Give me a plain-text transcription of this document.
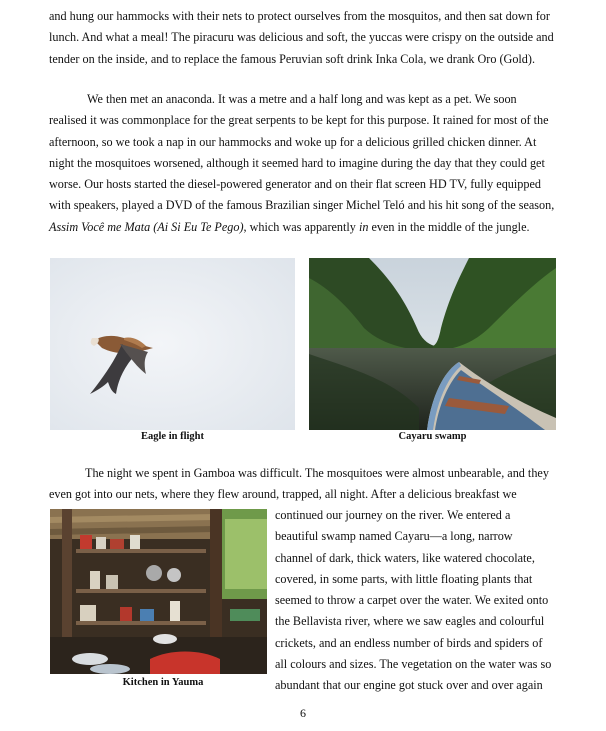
and hung our hammocks with their nets to protect ourselves from the mosquitos, and then sat down for
lunch. And what a meal! The piracuru was delicious and soft, the yuccas were crispy on the outside and
tender on the inside, and to replace the famous Peruvian soft drink Inka Cola, we drank Oro (Gold).
We then met an anaconda. It was a metre and a half long and was kept as a pet. We soon
realised it was commonplace for the great serpents to be kept for this purpose. It rained for most of the
afternoon, so we took a nap in our hammocks and woke up for a delicious grilled chicken dinner. At
night the mosquitoes worsened, although it seemed hard to imagine during the day that they could get
worse. Our hosts started the diesel-powered generator and on their flat screen HD TV, fully equipped
with speakers, played a DVD of the famous Brazilian singer Michel Teló and his hit song of the season,
Assim Você me Mata (Ai Si Eu Te Pego), which was apparently in even in the middle of the jungle.
Eagle in flight	Cayaru swamp
The night we spent in Gamboa was difficult. The mosquitoes were almost unbearable, and they
even got into our nets, where they flew around, trapped, all night. After a delicious breakfast we
Kitchen in Yauma
continued our journey on the river. We entered a
beautiful swamp named Cayaru—a long, narrow
channel of dark, thick waters, like watered chocolate,
covered, in some parts, with little floating plants that
seemed to throw a carpet over the water. We exited onto
the Bellavista river, where we saw eagles and colourful
crickets, and an endless number of birds and spiders of
all colours and sizes. The vegetation on the water was so
abundant that our engine got stuck over and over again
6
